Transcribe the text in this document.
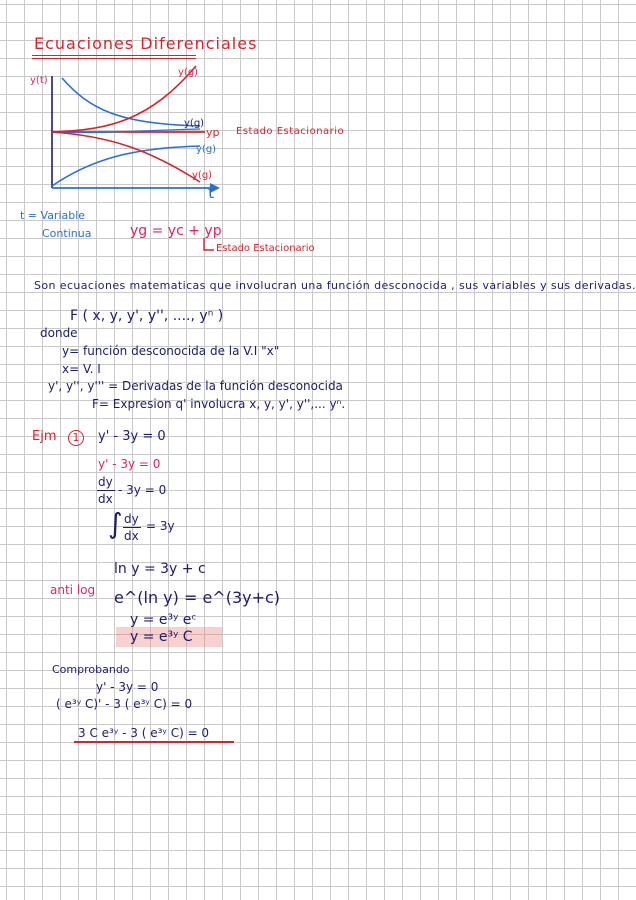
Ecuaciones Diferenciales
y(t)
t
y(g)
y(g)
yp Estado Estacionario
y(g)
y(g)
t = Variable
Continua	yg = yc + yp
Estado Estacionario
Son ecuaciones matematicas que involucran una función desconocida , sus variables y sus derivadas.
F ( x, y, y', y'', ...., yⁿ )
donde
y= función desconocida de la V.I "x"
x= V. I
y', y'', y''' = Derivadas de la función desconocida
F= Expresion q' involucra x, y, y', y'',... yⁿ.
Ejm	1	y' - 3y = 0
y' - 3y = 0
dy
dx
- 3y = 0
∫ dy
dx
= 3y
ln y = 3y + c
anti log e^(ln y) = e^(3y+c)
y = e³ʸ eᶜ
y = e³ʸ C
Comprobando
y' - 3y = 0
( e³ʸ C)' - 3 ( e³ʸ C) = 0
3 C e³ʸ - 3 ( e³ʸ C) = 0
